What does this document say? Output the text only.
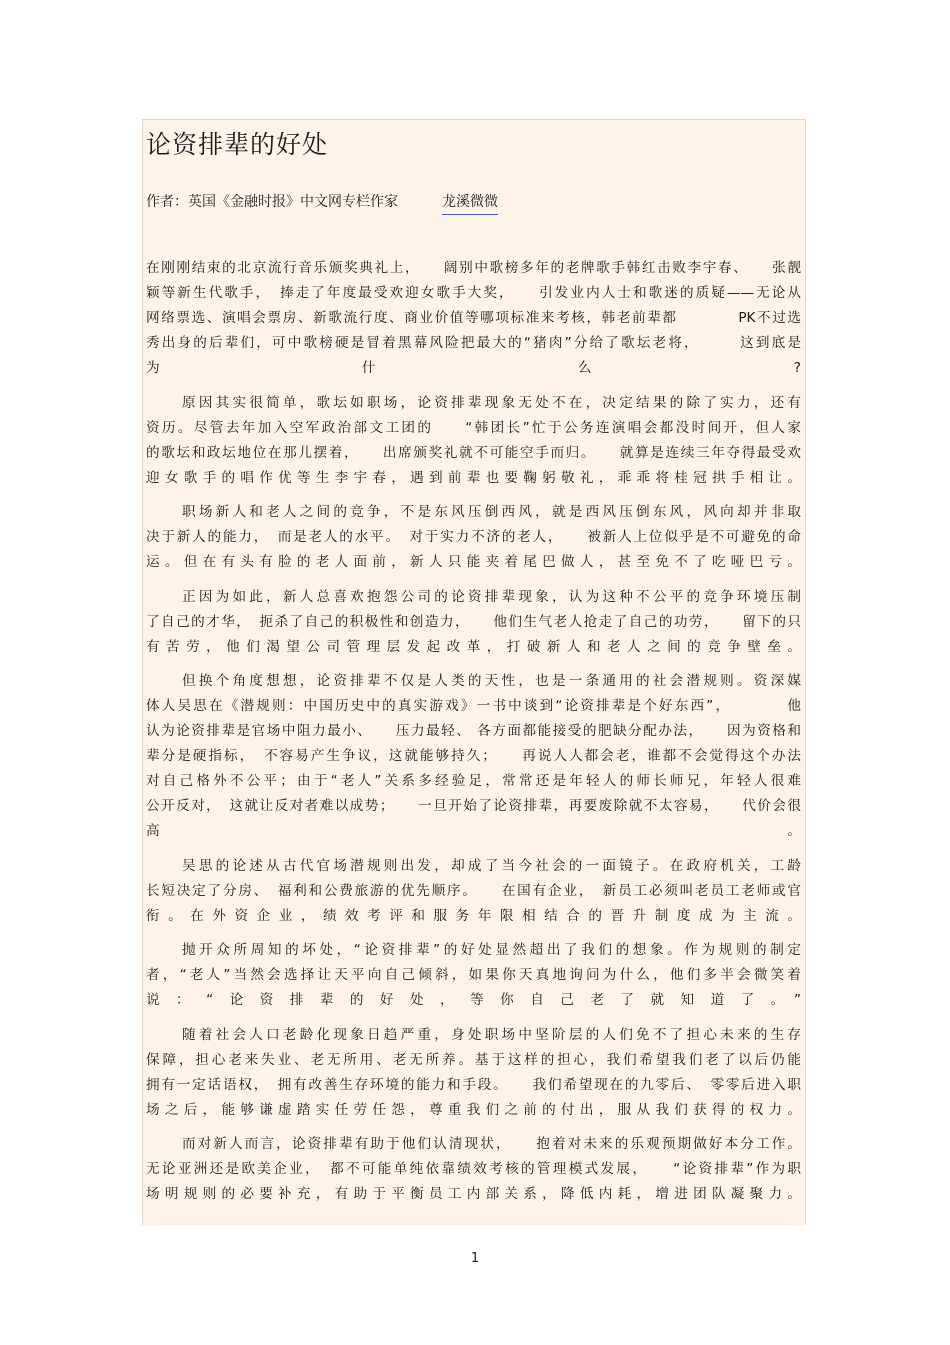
论资排辈的好处
作者：英国《金融时报》中文网专栏作家	龙溪微微
在刚刚结束的北京流行音乐颁奖典礼上，　　阔别中歌榜多年的老牌歌手韩红击败李宇春、　　张靓
颖等新生代歌手，　捧走了年度最受欢迎女歌手大奖，　　引发业内人士和歌迷的质疑——无论从
网络票选、演唱会票房、新歌流行度、商业价值等哪项标准来考核，韩老前辈都　　　　PK不过选
秀出身的后辈们，可中歌榜硬是冒着黑幕风险把最大的“猪肉”分给了歌坛老将，　　　这到底是
为什么?
原因其实很简单，歌坛如职场，论资排辈现象无处不在，决定结果的除了实力，还有
资历。尽管去年加入空军政治部文工团的　　“韩团长”忙于公务连演唱会都没时间开，但人家
的歌坛和政坛地位在那儿摆着，　　出席颁奖礼就不可能空手而归。　　就算是连续三年夺得最受欢
迎女歌手的唱作优等生李宇春，遇到前辈也要鞠躬敬礼，乖乖将桂冠拱手相让。
职场新人和老人之间的竞争，不是东风压倒西风，就是西风压倒东风，风向却并非取
决于新人的能力，　而是老人的水平。　对于实力不济的老人，　　被新人上位似乎是不可避免的命
运。但在有头有脸的老人面前，新人只能夹着尾巴做人，甚至免不了吃哑巴亏。
正因为如此，新人总喜欢抱怨公司的论资排辈现象，认为这种不公平的竞争环境压制
了自己的才华，　扼杀了自己的积极性和创造力，　　他们生气老人抢走了自己的功劳，　　留下的只
有苦劳，他们渴望公司管理层发起改革，打破新人和老人之间的竞争壁垒。
但换个角度想想，论资排辈不仅是人类的天性，也是一条通用的社会潜规则。资深媒
体人吴思在《潜规则：中国历史中的真实游戏》一书中谈到“论资排辈是个好东西”，　　　　他
认为论资排辈是官场中阻力最小、　　压力最轻、 各方面都能接受的肥缺分配办法，　　因为资格和
辈分是硬指标，　不容易产生争议，这就能够持久；　　再说人人都会老，谁都不会觉得这个办法
对自己格外不公平；由于“老人”关系多经验足，常常还是年轻人的师长师兄，年轻人很难
公开反对，　这就让反对者难以成势；　　一旦开始了论资排辈，再要废除就不太容易，　　代价会很
高。
吴思的论述从古代官场潜规则出发，却成了当今社会的一面镜子。在政府机关，工龄
长短决定了分房、　福利和公费旅游的优先顺序。　　在国有企业，　新员工必须叫老员工老师或官
衔。在外资企业，绩效考评和服务年限相结合的晋升制度成为主流。
抛开众所周知的坏处，“论资排辈”的好处显然超出了我们的想象。作为规则的制定
者，“老人”当然会选择让天平向自己倾斜，如果你天真地询问为什么，他们多半会微笑着
说：“论资排辈的好处，等你自己老了就知道了。”
随着社会人口老龄化现象日趋严重，身处职场中坚阶层的人们免不了担心未来的生存
保障，担心老来失业、老无所用、老无所养。基于这样的担心，我们希望我们老了以后仍能
拥有一定话语权，　拥有改善生存环境的能力和手段。　　我们希望现在的九零后、　零零后进入职
场之后，能够谦虚踏实任劳任怨，尊重我们之前的付出，服从我们获得的权力。
而对新人而言，论资排辈有助于他们认清现状，　　抱着对未来的乐观预期做好本分工作。
无论亚洲还是欧美企业，　都不可能单纯依靠绩效考核的管理模式发展，　　“论资排辈”作为职
场明规则的必要补充，有助于平衡员工内部关系，降低内耗，增进团队凝聚力。
1
